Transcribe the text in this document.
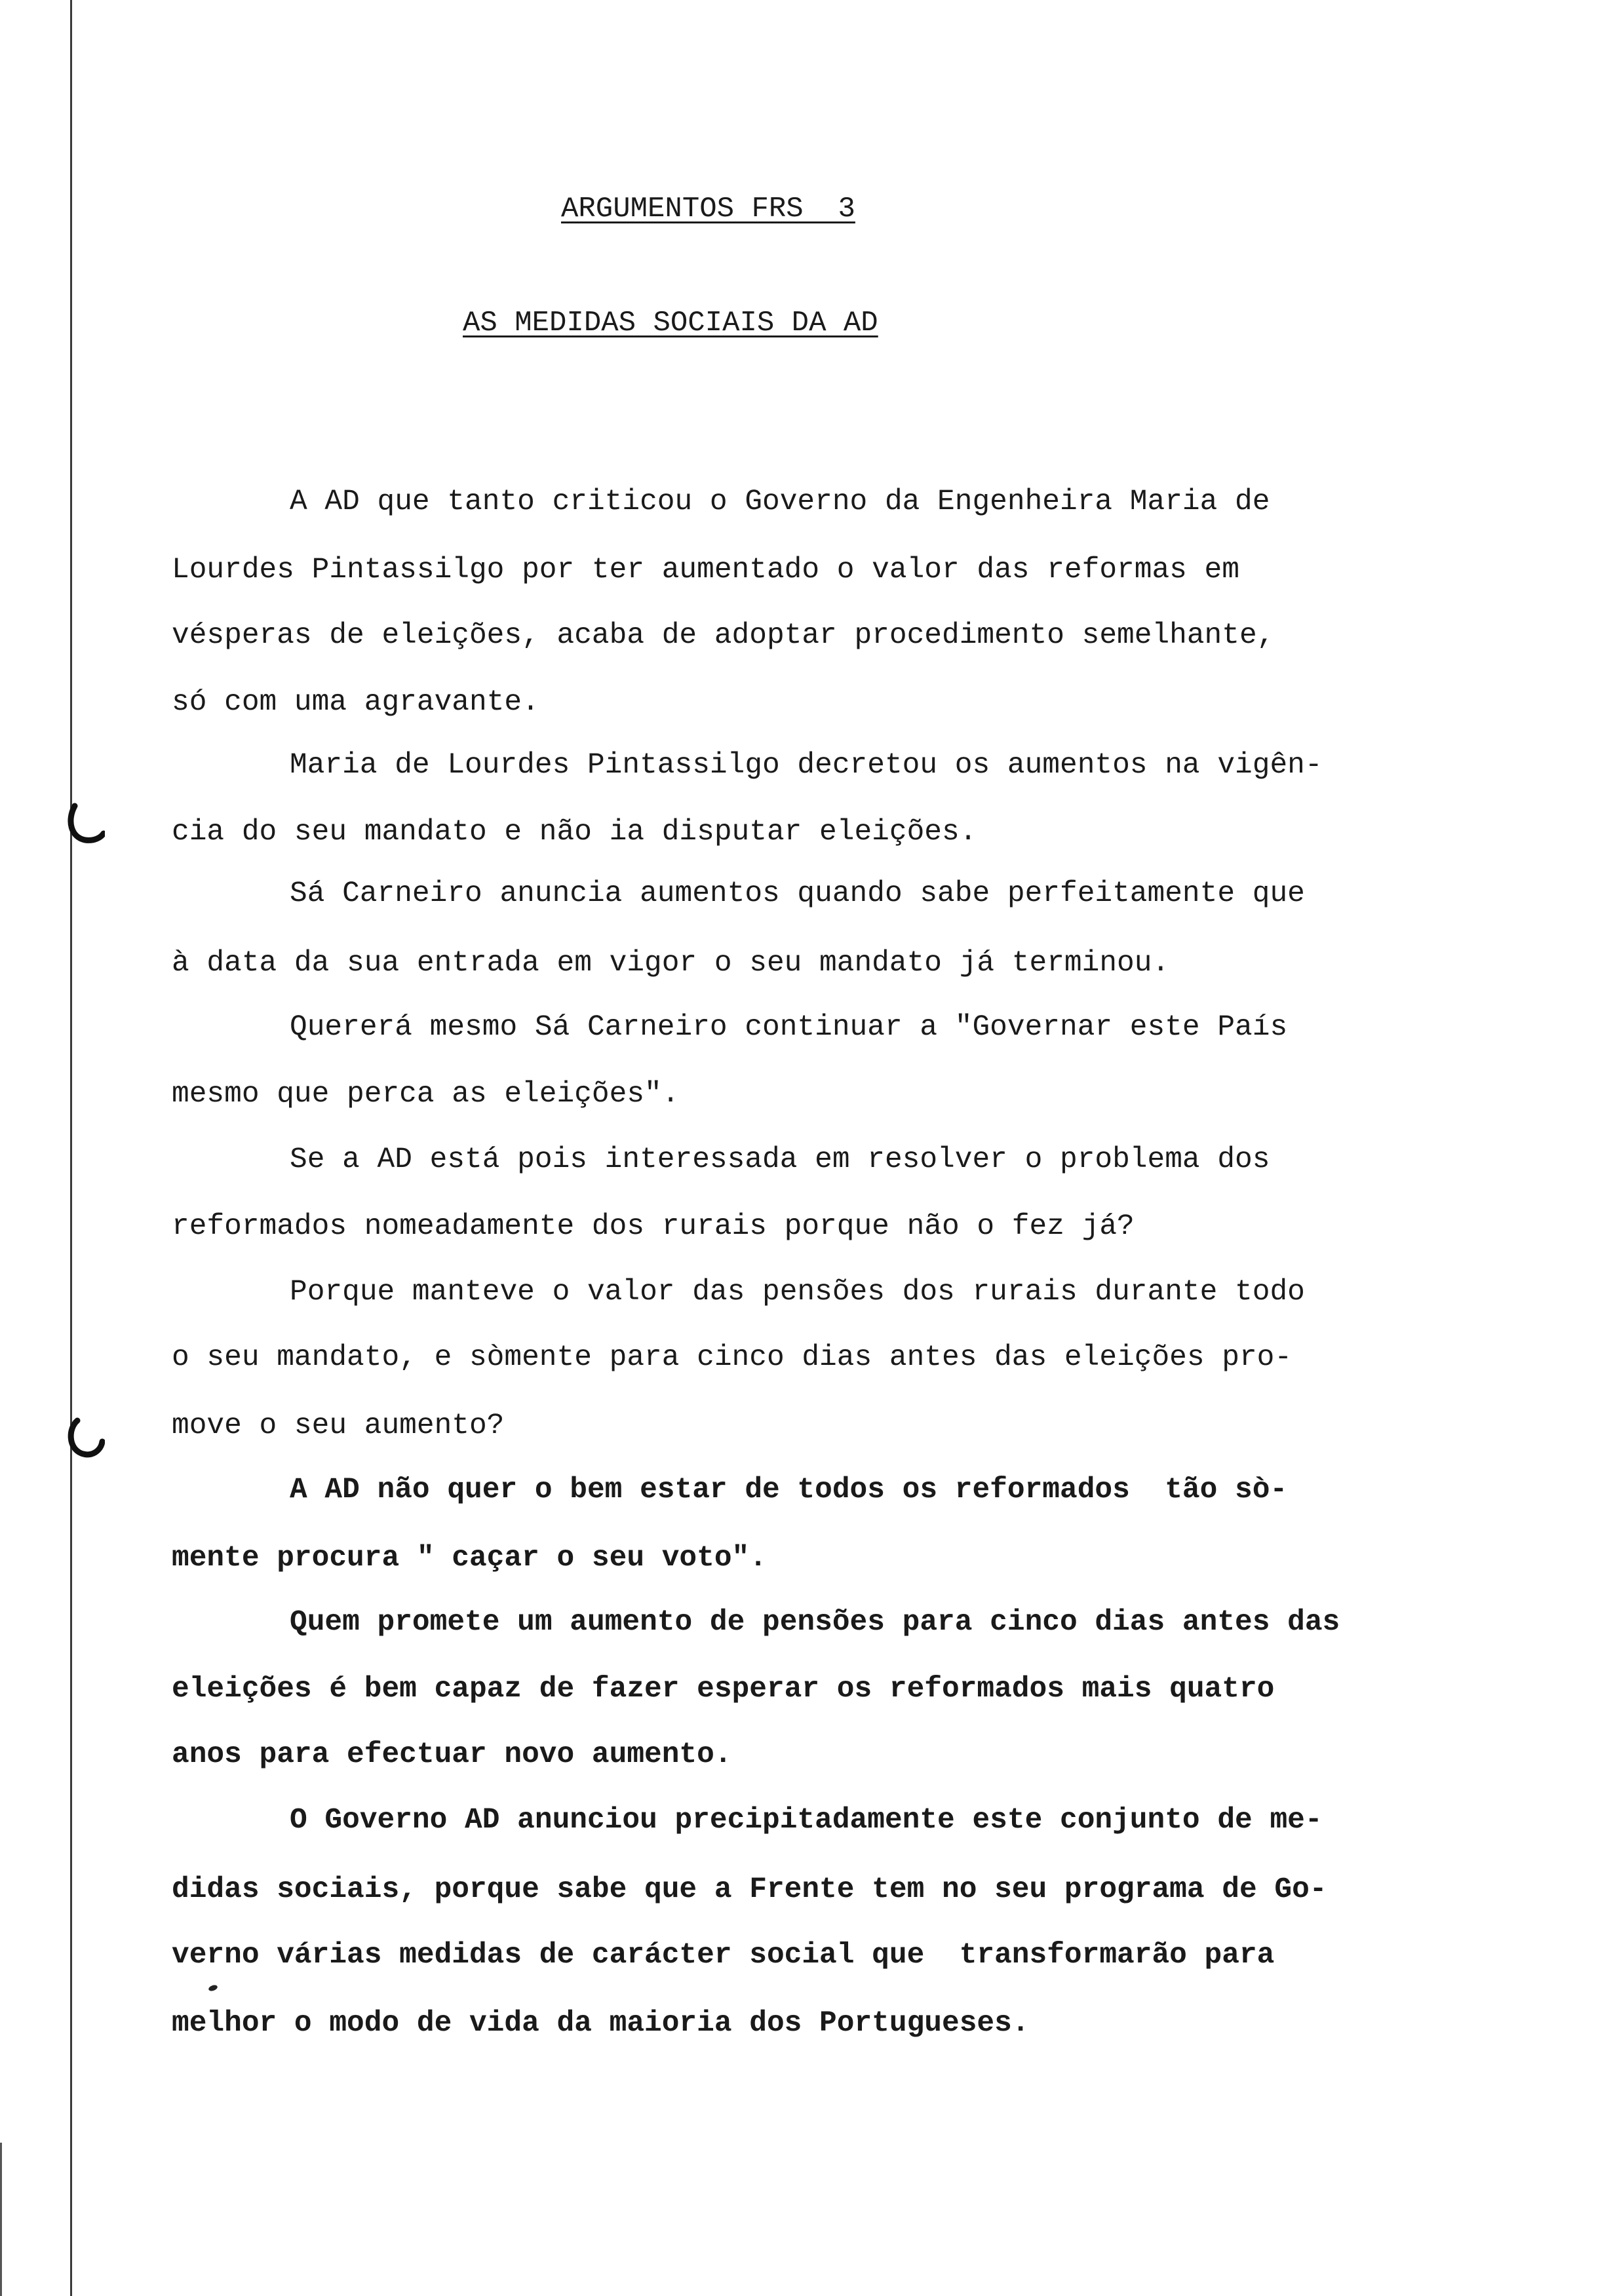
ARGUMENTOS FRS  3
AS MEDIDAS SOCIAIS DA AD
A AD que tanto criticou o Governo da Engenheira Maria de
Lourdes Pintassilgo por ter aumentado o valor das reformas em
vésperas de eleições, acaba de adoptar procedimento semelhante,
só com uma agravante.
Maria de Lourdes Pintassilgo decretou os aumentos na vigên-
cia do seu mandato e não ia disputar eleições.
Sá Carneiro anuncia aumentos quando sabe perfeitamente que
à data da sua entrada em vigor o seu mandato já terminou.
Quererá mesmo Sá Carneiro continuar a "Governar este País
mesmo que perca as eleições".
Se a AD está pois interessada em resolver o problema dos
reformados nomeadamente dos rurais porque não o fez já?
Porque manteve o valor das pensões dos rurais durante todo
o seu mandato, e sòmente para cinco dias antes das eleições pro-
move o seu aumento?
A AD não quer o bem estar de todos os reformados  tão sò-
mente procura " caçar o seu voto".
Quem promete um aumento de pensões para cinco dias antes das
eleições é bem capaz de fazer esperar os reformados mais quatro
anos para efectuar novo aumento.
O Governo AD anunciou precipitadamente este conjunto de me-
didas sociais, porque sabe que a Frente tem no seu programa de Go-
verno várias medidas de carácter social que  transformarão para
melhor o modo de vida da maioria dos Portugueses.
